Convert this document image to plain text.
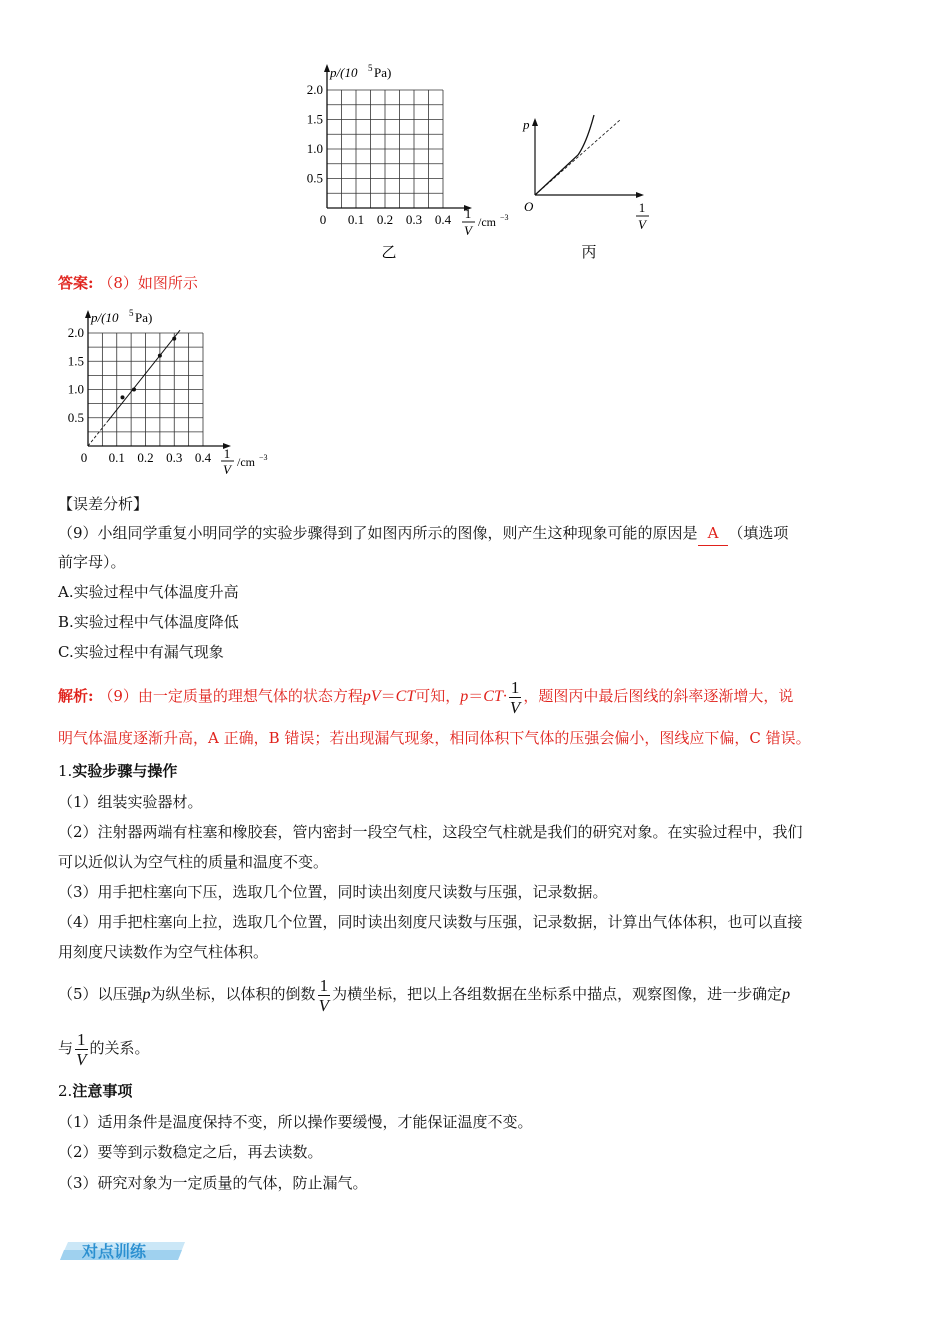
p/(10 5 Pa)
2.0
1.5
1.0
0.5
0 0.1 0.2 0.3 0.4 1
V
/cm −3
乙
p
O	1
V
丙
答案: （8）如图所示
p/(10 5 Pa)
2.0
1.5
1.0
0.5
0 0.1 0.2 0.3 0.4 1
V /cm −3
【误差分析】
（9）小组同学重复小明同学的实验步骤得到了如图丙所示的图像，则产生这种现象可能的原因是 A （填选项
前字母）。
A.实验过程中气体温度升高
B.实验过程中气体温度降低
C.实验过程中有漏气现象
解析: （9）由一定质量的理想气体的状态方程pV＝CT可知，$p=CT\cdot \frac{1}{V}$ ，题图丙中最后图线的斜率逐渐增大，说
明气体温度逐渐升高，A 正确，B 错误；若出现漏气现象，相同体积下气体的压强会偏小，图线应下偏，C 错误。
1.实验步骤与操作
（1）组装实验器材。
（2）注射器两端有柱塞和橡胶套，管内密封一段空气柱，这段空气柱就是我们的研究对象。在实验过程中，我们
可以近似认为空气柱的质量和温度不变。
（3）用手把柱塞向下压，选取几个位置，同时读出刻度尺读数与压强，记录数据。
（4）用手把柱塞向上拉，选取几个位置，同时读出刻度尺读数与压强，记录数据，计算出气体体积，也可以直接
用刻度尺读数作为空气柱体积。
（5）以压强p为纵坐标，以体积的倒数 $\frac{1}{V}$ 为横坐标，把以上各组数据在坐标系中描点，观察图像，进一步确定p
与 $\frac{1}{V}$ 的关系。
2.注意事项
（1）适用条件是温度保持不变，所以操作要缓慢，才能保证温度不变。
（2）要等到示数稳定之后，再去读数。
（3）研究对象为一定质量的气体，防止漏气。
对点训练
